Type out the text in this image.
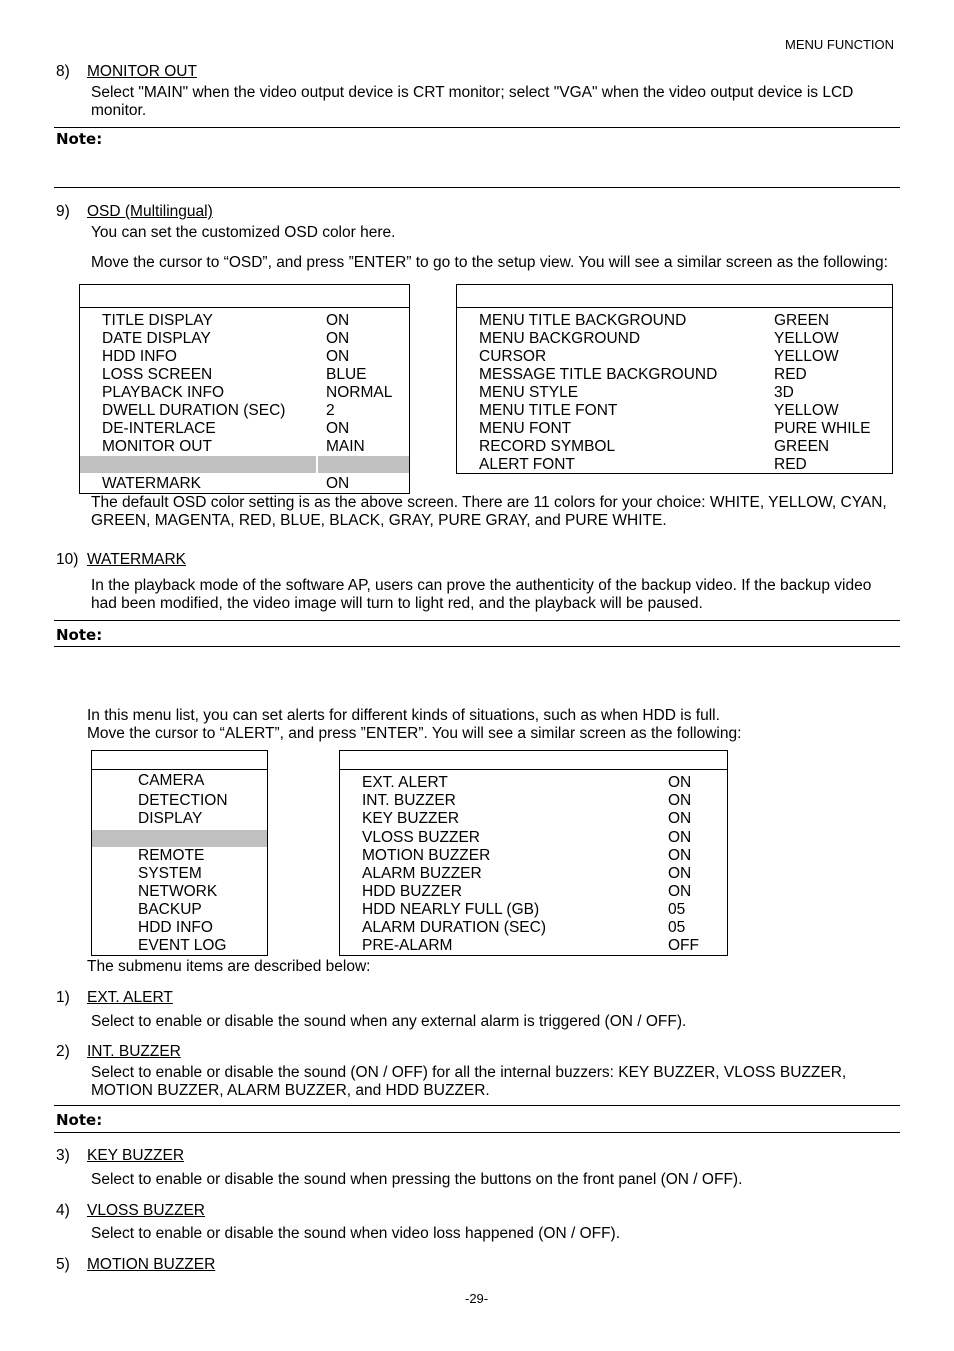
MENU FUNCTION
8) MONITOR OUT
Select "MAIN" when the video output device is CRT monitor; select "VGA" when the video output device is LCD
monitor.
Note:
9) OSD (Multilingual)
You can set the customized OSD color here.
Move the cursor to “OSD”, and press ”ENTER” to go to the setup view. You will see a similar screen as the following:
TITLE DISPLAY	ON
DATE DISPLAY	ON
HDD INFO	ON
LOSS SCREEN	BLUE
PLAYBACK INFO	NORMAL
DWELL DURATION (SEC)	2
DE-INTERLACE	ON
MONITOR OUT	MAIN
WATERMARK	ON
MENU TITLE BACKGROUND	GREEN
MENU BACKGROUND	YELLOW
CURSOR	YELLOW
MESSAGE TITLE BACKGROUND	RED
MENU STYLE	3D
MENU TITLE FONT	YELLOW
MENU FONT	PURE WHILE
RECORD SYMBOL	GREEN
ALERT FONT	RED
The default OSD color setting is as the above screen. There are 11 colors for your choice: WHITE, YELLOW, CYAN,
GREEN, MAGENTA, RED, BLUE, BLACK, GRAY, PURE GRAY, and PURE WHITE.
10) WATERMARK
In the playback mode of the software AP, users can prove the authenticity of the backup video. If the backup video
had been modified, the video image will turn to light red, and the playback will be paused.
Note:
In this menu list, you can set alerts for different kinds of situations, such as when HDD is full.
Move the cursor to “ALERT”, and press ”ENTER”. You will see a similar screen as the following:
CAMERA
DETECTION
DISPLAY
REMOTE
SYSTEM
NETWORK
BACKUP
HDD INFO
EVENT LOG
EXT. ALERT	ON
INT. BUZZER	ON
KEY BUZZER	ON
VLOSS BUZZER	ON
MOTION BUZZER	ON
ALARM BUZZER	ON
HDD BUZZER	ON
HDD NEARLY FULL (GB)	05
ALARM DURATION (SEC)	05
PRE-ALARM	OFF
The submenu items are described below:
1) EXT. ALERT
Select to enable or disable the sound when any external alarm is triggered (ON / OFF).
2) INT. BUZZER
Select to enable or disable the sound (ON / OFF) for all the internal buzzers: KEY BUZZER, VLOSS BUZZER,
MOTION BUZZER, ALARM BUZZER, and HDD BUZZER.
Note:
3) KEY BUZZER
Select to enable or disable the sound when pressing the buttons on the front panel (ON / OFF).
4) VLOSS BUZZER
Select to enable or disable the sound when video loss happened (ON / OFF).
5) MOTION BUZZER
-29-
